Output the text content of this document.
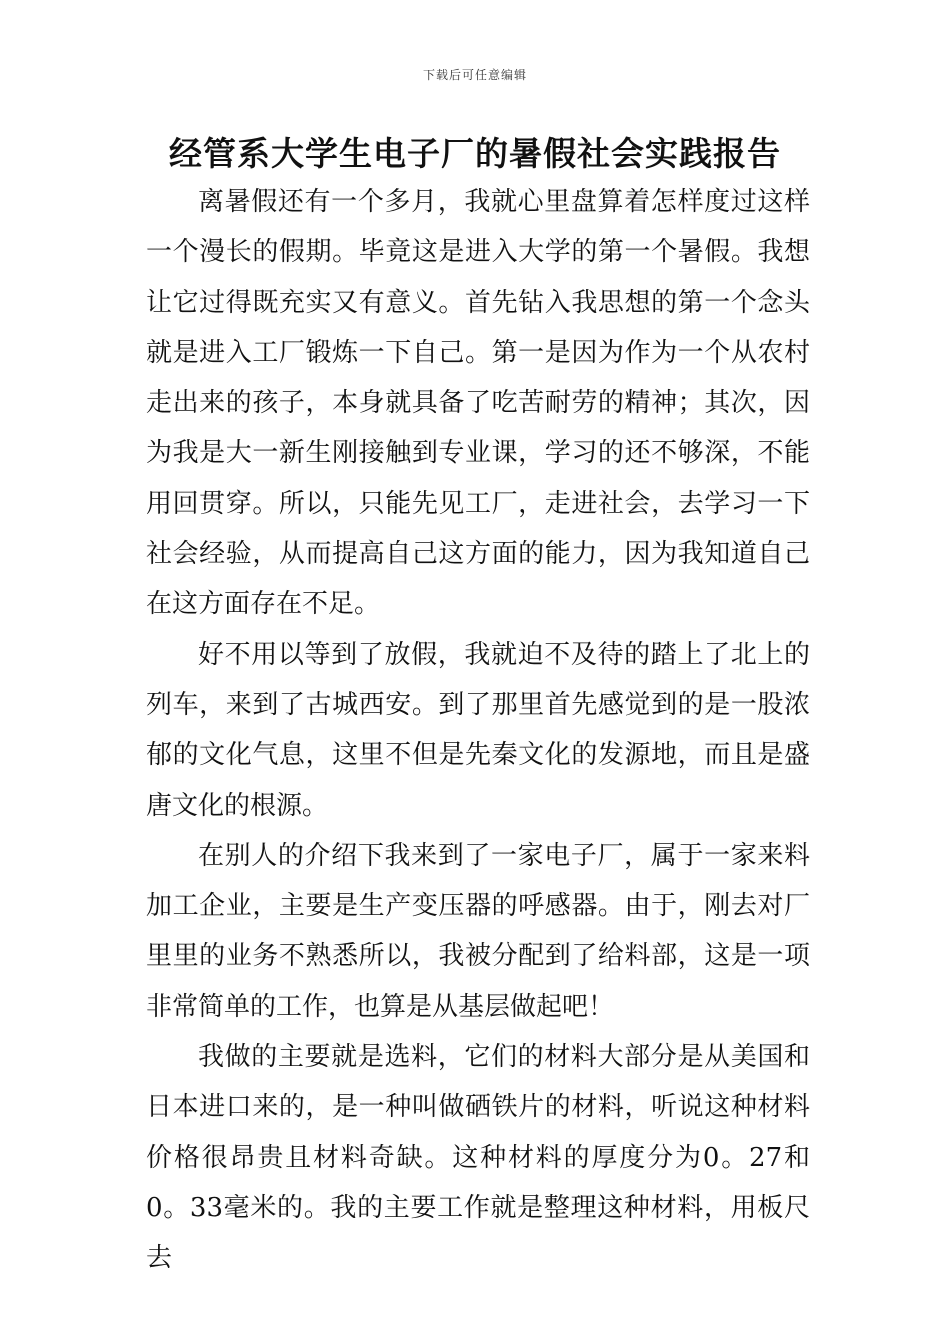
下载后可任意编辑
经管系大学生电子厂的暑假社会实践报告

离暑假还有一个多月，我就心里盘算着怎样度过这样一个漫长的假期。毕竟这是进入大学的第一个暑假。我想让它过得既充实又有意义。首先钻入我思想的第一个念头就是进入工厂锻炼一下自己。第一是因为作为一个从农村走出来的孩子，本身就具备了吃苦耐劳的精神；其次，因为我是大一新生刚接触到专业课，学习的还不够深，不能用回贯穿。所以，只能先见工厂，走进社会，去学习一下社会经验，从而提高自己这方面的能力，因为我知道自己在这方面存在不足。

好不用以等到了放假，我就迫不及待的踏上了北上的列车，来到了古城西安。到了那里首先感觉到的是一股浓郁的文化气息，这里不但是先秦文化的发源地，而且是盛唐文化的根源。

在别人的介绍下我来到了一家电子厂，属于一家来料加工企业，主要是生产变压器的呼感器。由于，刚去对厂里里的业务不熟悉所以，我被分配到了给料部，这是一项非常简单的工作，也算是从基层做起吧！

我做的主要就是选料，它们的材料大部分是从美国和日本进口来的，是一种叫做硒铁片的材料，听说这种材料价格很昂贵且材料奇缺。这种材料的厚度分为0。27和0。33毫米的。我的主要工作就是整理这种材料，用板尺去
